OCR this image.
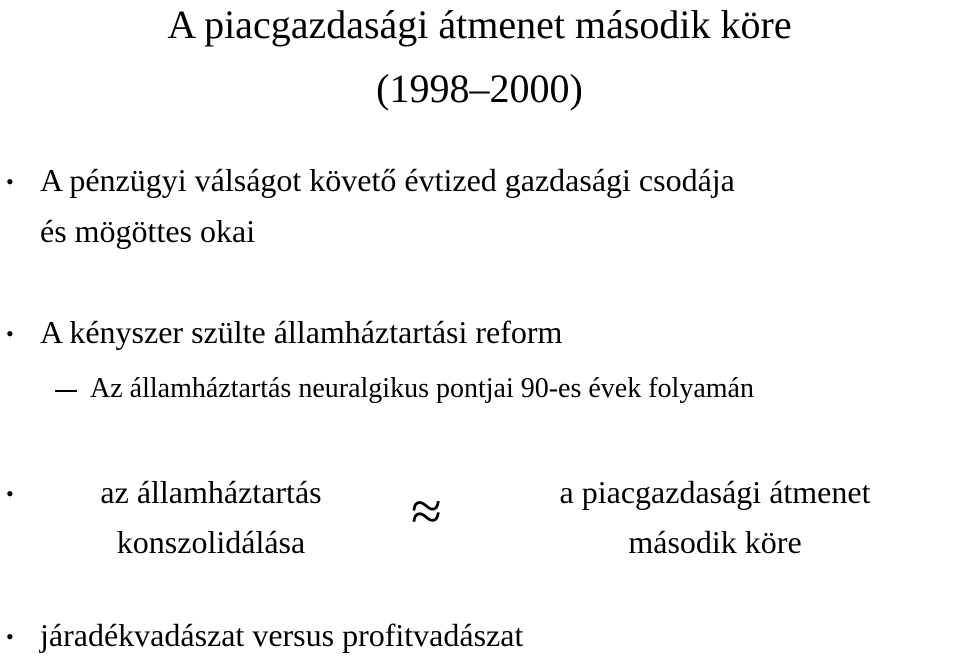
A piacgazdasági átmenet második köre
(1998–2000)
• A pénzügyi válságot követő évtized gazdasági csodája
és mögöttes okai
• A kényszer szülte államháztartási reform
Az államháztartás neuralgikus pontjai 90-es évek folyamán
•	az államháztartás
konszolidálása	≈	a piacgazdasági átmenet
második köre
• járadékvadászat versus profitvadászat
